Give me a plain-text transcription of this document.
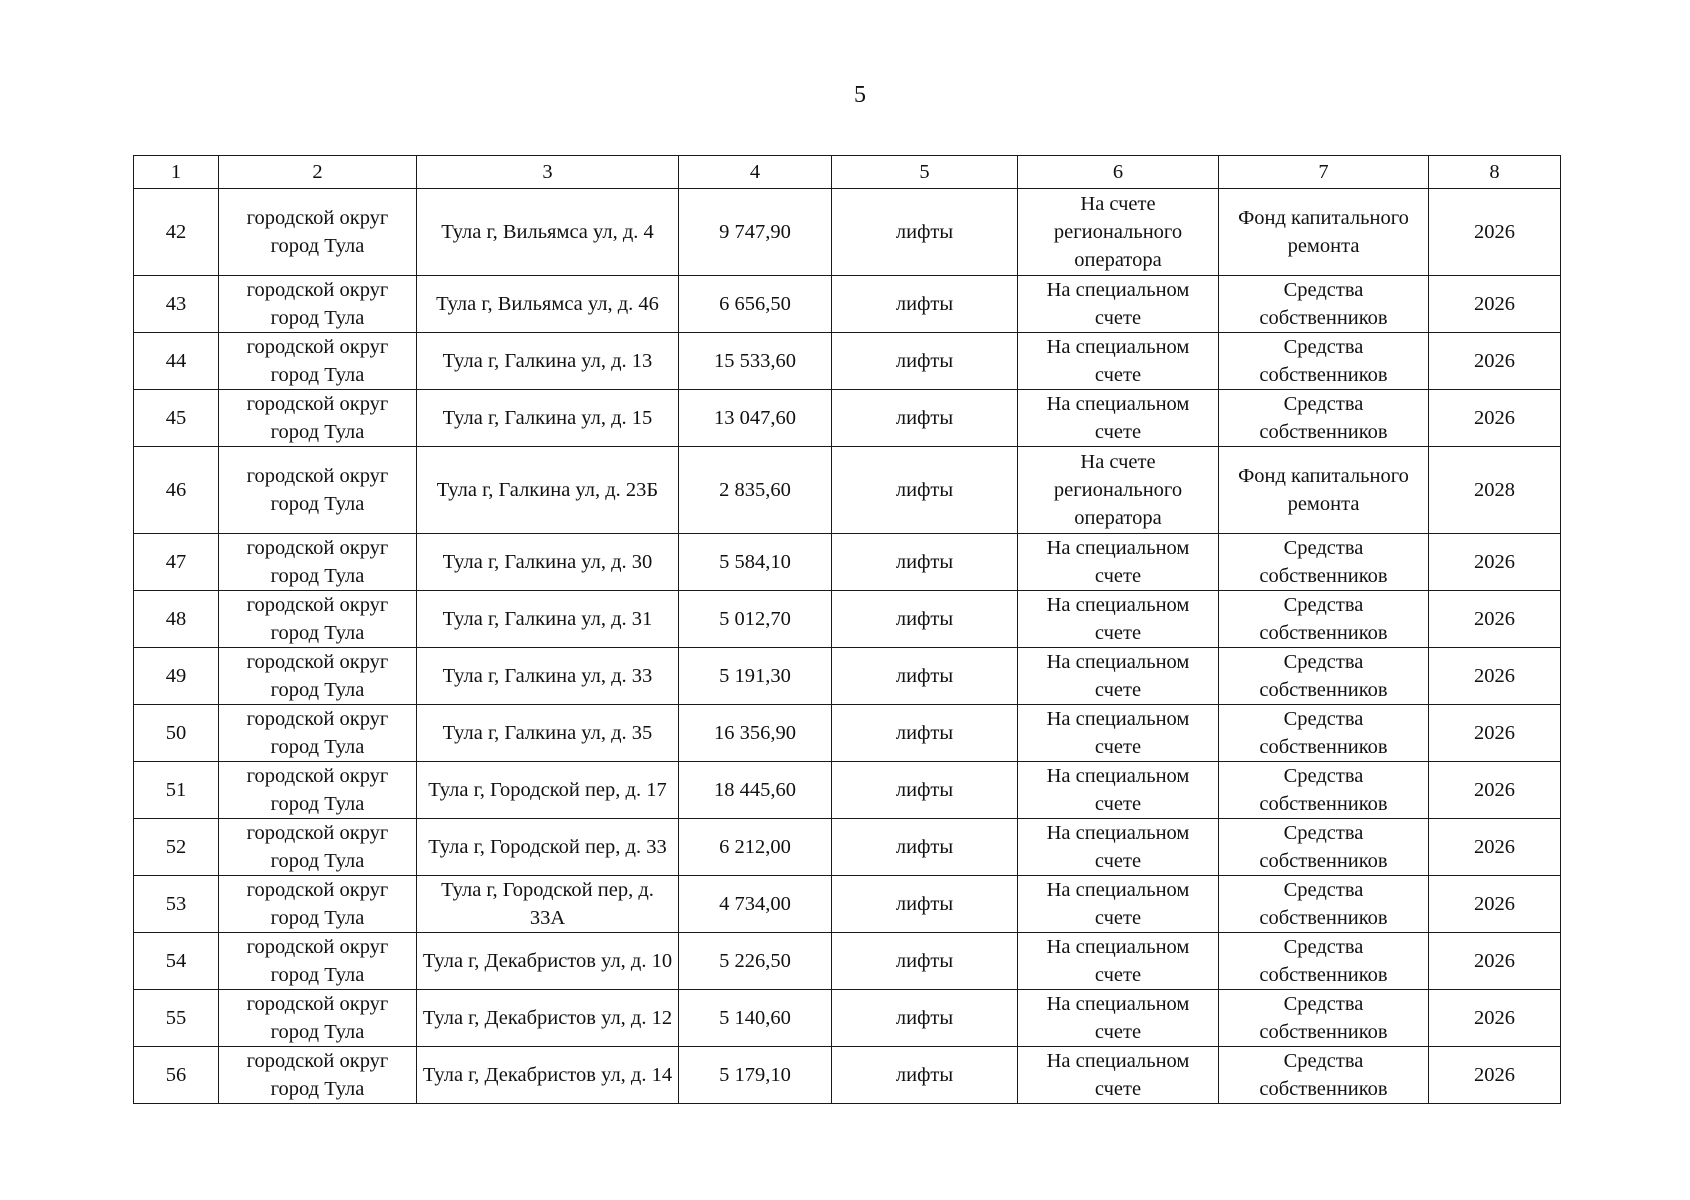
5
1	2	3	4	5	6	7	8
42	городской округ город Тула	Тула г, Вильямса ул, д. 4	9 747,90	лифты	На счете регионального оператора	Фонд капитального ремонта	2026
43	городской округ город Тула	Тула г, Вильямса ул, д. 46	6 656,50	лифты	На специальном счете	Средства собственников	2026
44	городской округ город Тула	Тула г, Галкина ул, д. 13	15 533,60	лифты	На специальном счете	Средства собственников	2026
45	городской округ город Тула	Тула г, Галкина ул, д. 15	13 047,60	лифты	На специальном счете	Средства собственников	2026
46	городской округ город Тула	Тула г, Галкина ул, д. 23Б	2 835,60	лифты	На счете регионального оператора	Фонд капитального ремонта	2028
47	городской округ город Тула	Тула г, Галкина ул, д. 30	5 584,10	лифты	На специальном счете	Средства собственников	2026
48	городской округ город Тула	Тула г, Галкина ул, д. 31	5 012,70	лифты	На специальном счете	Средства собственников	2026
49	городской округ город Тула	Тула г, Галкина ул, д. 33	5 191,30	лифты	На специальном счете	Средства собственников	2026
50	городской округ город Тула	Тула г, Галкина ул, д. 35	16 356,90	лифты	На специальном счете	Средства собственников	2026
51	городской округ город Тула	Тула г, Городской пер, д. 17	18 445,60	лифты	На специальном счете	Средства собственников	2026
52	городской округ город Тула	Тула г, Городской пер, д. 33	6 212,00	лифты	На специальном счете	Средства собственников	2026
53	городской округ город Тула	Тула г, Городской пер, д. 33А	4 734,00	лифты	На специальном счете	Средства собственников	2026
54	городской округ город Тула	Тула г, Декабристов ул, д. 10	5 226,50	лифты	На специальном счете	Средства собственников	2026
55	городской округ город Тула	Тула г, Декабристов ул, д. 12	5 140,60	лифты	На специальном счете	Средства собственников	2026
56	городской округ город Тула	Тула г, Декабристов ул, д. 14	5 179,10	лифты	На специальном счете	Средства собственников	2026
